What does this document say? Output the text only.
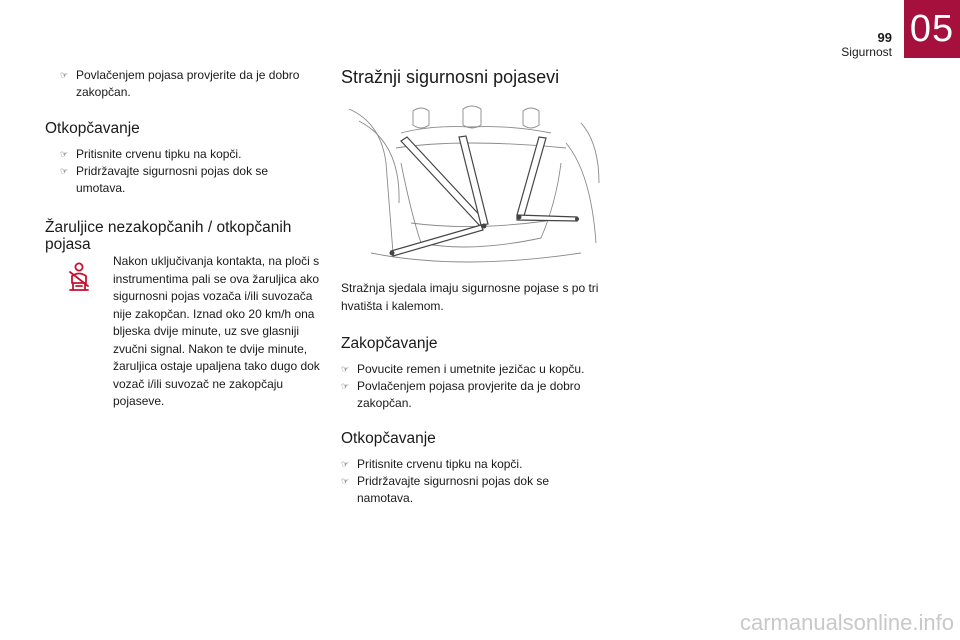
99
Sigurnost
05
☞ Povlačenjem pojasa provjerite da je dobro zakopčan.
Otkopčavanje
☞ Pritisnite crvenu tipku na kopči.
☞ Pridržavajte sigurnosni pojas dok se umotava.
Žaruljice nezakopčanih / otkopčanih pojasa
Nakon uključivanja kontakta, na ploči s instrumentima pali se ova žaruljica ako sigurnosni pojas vozača i/ili suvozača nije zakopčan. Iznad oko 20 km/h ona bljeska dvije minute, uz sve glasniji zvučni signal. Nakon te dvije minute, žaruljica ostaje upaljena tako dugo dok vozač i/ili suvozač ne zakopčaju pojaseve.
Stražnji sigurnosni pojasevi
Stražnja sjedala imaju sigurnosne pojase s po tri hvatišta i kalemom.
Zakopčavanje
☞ Povucite remen i umetnite jezičac u kopču.
☞ Povlačenjem pojasa provjerite da je dobro zakopčan.
Otkopčavanje
☞ Pritisnite crvenu tipku na kopči.
☞ Pridržavajte sigurnosni pojas dok se namotava.
carmanualsonline.info
